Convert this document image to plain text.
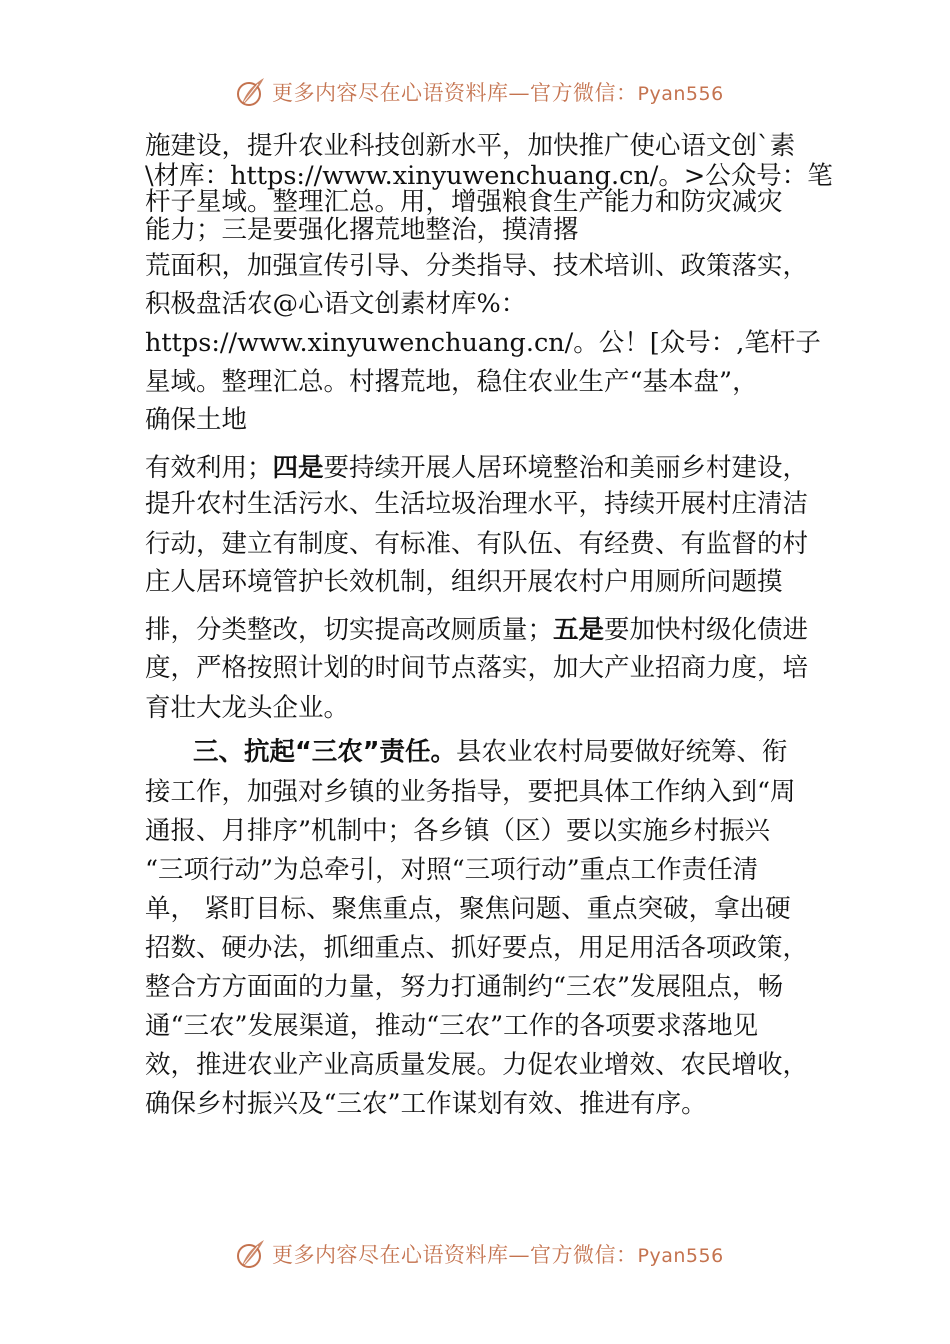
更多内容尽在心语资料库—官方微信：Pyan556
施建设，提升农业科技创新水平，加快推广使心语文创`素
\材库：https://www.xinyuwenchuang.cn/。>公众号：笔
杆子星域。整理汇总。用，增强粮食生产能力和防灾减灾
能力；三是要强化撂荒地整治，摸清撂
荒面积，加强宣传引导、分类指导、技术培训、政策落实，
积极盘活农@心语文创素材库%：
https://www.xinyuwenchuang.cn/。公！[众号：,笔杆子
星域。整理汇总。村撂荒地，稳住农业生产“基本盘”，
确保土地
有效利用；四是要持续开展人居环境整治和美丽乡村建设，
提升农村生活污水、生活垃圾治理水平，持续开展村庄清洁
行动，建立有制度、有标准、有队伍、有经费、有监督的村
庄人居环境管护长效机制，组织开展农村户用厕所问题摸
排，分类整改，切实提高改厕质量；五是要加快村级化债进
度，严格按照计划的时间节点落实，加大产业招商力度，培
育壮大龙头企业。
三、抗起“三农”责任。县农业农村局要做好统筹、衔
接工作，加强对乡镇的业务指导，要把具体工作纳入到“周
通报、月排序”机制中；各乡镇（区）要以实施乡村振兴
“三项行动”为总牵引，对照“三项行动”重点工作责任清
单， 紧盯目标、聚焦重点，聚焦问题、重点突破，拿出硬
招数、硬办法，抓细重点、抓好要点，用足用活各项政策，
整合方方面面的力量，努力打通制约“三农”发展阻点，畅
通“三农”发展渠道，推动“三农”工作的各项要求落地见
效，推进农业产业高质量发展。力促农业增效、农民增收，
确保乡村振兴及“三农”工作谋划有效、推进有序。
更多内容尽在心语资料库—官方微信：Pyan556
